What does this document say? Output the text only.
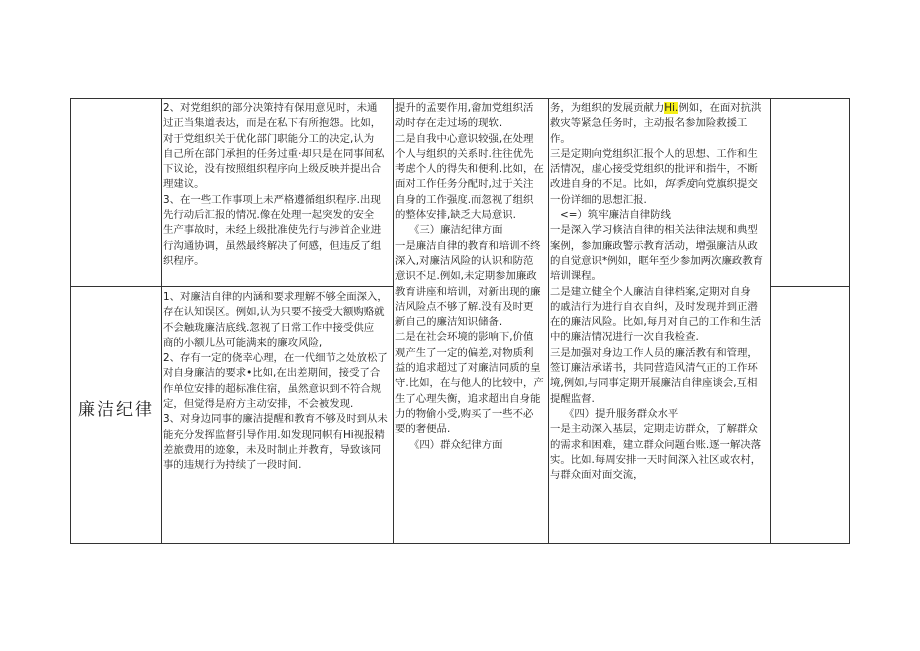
廉洁纪律
2、对党组织的部分决策持有保用意见时，未通
过正当集道表达，而是在私下有所抱怨。比如，
对于党组织关于优化部门职能分工的决定,认为
自己所在部门承担的任务过重·却只是在同事间私
下议论，没有按照组织程序向上级反映并提出合
理建议。
3、在一些工作事项上未严格遵循组织程序.出现
先行动后汇报的情况.像在处理一起突发的安全
生产事故时，未经上级批准使先行与涉首企业进
行沟通协调，虽然最终解决了何感，但违反了组
织程序。
1、对廉洁自律的内涵和要求理解不够全面深入，
存在认知误区。例如,认为只要不接受大额购赂就
不会触珑廉洁底线.忽视了日常工作中接受供应
商的小额儿丛可能满来的廉攻风险,
2、存有一定的侥幸心理，在一代细节之处放松了
对自身廉洁的要求•比如,在出差期间，接受了合
作单位安排的超标准住宿，虽然意识到不符合规
定，但觉得是府方主动安排，不会被发现.
3、对身边同事的廉洁提醒和教育不够及时到从未
能充分发挥监督引导作用.如发现同帜有Hi视报精
差旅费用的迹象，未及时制止并教育，导致该同
事的违规行为持续了一段时间.
提升的孟要作用,畲加党组织活
动时存在走过场的现软.
二是自我中心意识较强,在处理
个人与组织的关系时.往往优先
考虑个人的得失和便利.比如，在
面对工作任务分配时,过于关注
自身的工作强度.而忽视了组织
的整体安排,缺乏大局意识.
《三）廉洁纪律方面
一是廉洁自律的教育和培训不终
深入,对廉洁风险的认识和防范
意识不足.例如,未定期参加廉政
教育讲座和培训，对新出现的廉
洁风险点不够了解.没有及时更
新自己的廉洁知识储备.
二是在社会环境的影响下,价值
观产生了一定的偏差,对物质利
益的追求超过了对廉洁同质的皇
守.比如，在与他人的比较中，产
生了心理失衡，追求超出自身能
力的物偷小受,购买了一些不必
要的奢便品.
《四）群众纪律方面
务，为组织的发展贡献力Hi.例如，在面对抗洪
救灾等紧急任务时，主动报名参加险救援工
作。
三是定期向党组织汇报个人的思想、工作和生
活情况，虚心接受党组织的批评和指牛，不断
改进自身的不足。比如，饵季度向党旗织提交
一份详细的思想汇报.
<=）筑牢廉洁自律防线
一是深入学习倏洁自律的相关法律法规和典型
案例，参加廉政警示教育活动，增强廉洁从政
的自觉意识*例如，眶年至少参加两次廉政教育
培训课程。
二是建立健全个人廉洁自律档案,定期对自身
的戚洁行为进行自衣自纠，及时发现并到正潜
在的廉洁风险。比如,每月对自己的工作和生活
中的廉洁情况进行一次自我检查.
三是加强对身边工作人员的廉活教有和管理，
签订廉洁承诺书，共同营造风清气正的工作环
境,例如,与同事定期开展廉洁自律座谈会,互相
提醒监督.
《四）提升服务群众水平
一是主动深入基层，定期走访群众，了解群众
的需求和困难，建立群众问题台账.逐一解决落
实。比如.每周安排一天时间深入社区或农村，
与群众面对面交流，
